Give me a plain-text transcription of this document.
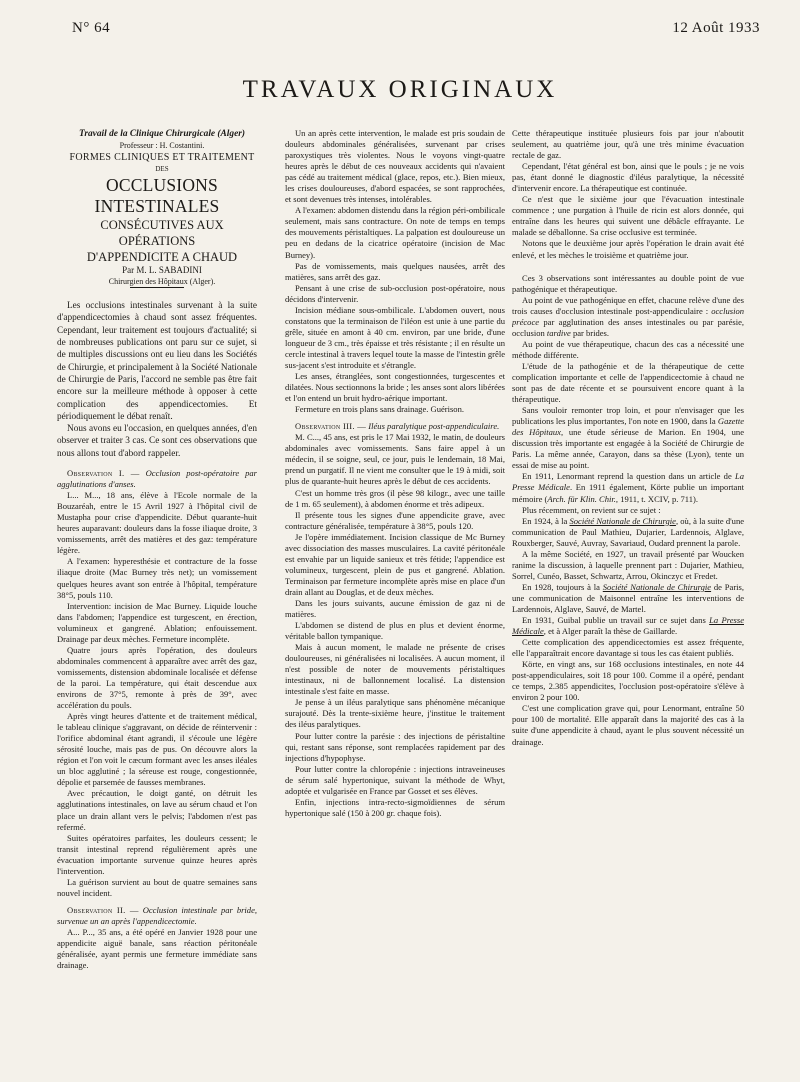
N° 64	12 Août 1933
TRAVAUX ORIGINAUX

Travail de la Clinique Chirurgicale (Alger)

Professeur : H. Costantini.

FORMES CLINIQUES ET TRAITEMENT

DES

OCCLUSIONS INTESTINALES

CONSÉCUTIVES AUX OPÉRATIONS

D'APPENDICITE A CHAUD

Par M. L. SABADINI

Chirurgien des Hôpitaux (Alger).

Les occlusions intestinales survenant à la suite d'appendicectomies à chaud sont assez fréquentes. Cependant, leur traitement est toujours d'actualité; si de nombreuses publications ont paru sur ce sujet, si de multiples discussions ont eu lieu dans les Sociétés de Chirurgie, et principalement à la Société Nationale de Chirurgie de Paris, l'accord ne semble pas être fait encore sur la meilleure méthode à opposer à cette complication des appendicectomies. Et périodiquement le débat renaît.

Nous avons eu l'occasion, en quelques années, d'en observer et traiter 3 cas. Ce sont ces observations que nous allons tout d'abord rappeler.

Observation I. — Occlusion post-opératoire par agglutinations d'anses.

L... M..., 18 ans, élève à l'Ecole normale de la Bouzaréah, entre le 15 Avril 1927 à l'hôpital civil de Mustapha pour crise d'appendicite. Début quarante-huit heures auparavant: douleurs dans la fosse iliaque droite, 3 vomissements, arrêt des matières et des gaz: température légère.

A l'examen: hyperesthésie et contracture de la fosse iliaque droite (Mac Burney très net); un vomissement quelques heures avant son entrée à l'hôpital, température 38°5, pouls 110.

Intervention: incision de Mac Burney. Liquide louche dans l'abdomen; l'appendice est turgescent, en érection, volumineux et gangrené. Ablation; enfouissement. Drainage par deux mèches. Fermeture incomplète.

Quatre jours après l'opération, des douleurs abdominales commencent à apparaître avec arrêt des gaz, vomissements, distension abdominale localisée et défense de la paroi. La température, qui était descendue aux environs de 37°5, remonte à près de 39°, avec accélération du pouls.

Après vingt heures d'attente et de traitement médical, le tableau clinique s'aggravant, on décide de réintervenir : l'orifice abdominal étant agrandi, il s'écoule une légère sérosité louche, mais pas de pus. On découvre alors la région et l'on voit le cæcum formant avec les anses iléales un bloc agglutiné ; la séreuse est rouge, congestionnée, dépolie et parsemée de fausses membranes.

Avec précaution, le doigt ganté, on détruit les agglutinations intestinales, on lave au sérum chaud et l'on place un drain allant vers le pelvis; l'abdomen n'est pas refermé.

Suites opératoires parfaites, les douleurs cessent; le transit intestinal reprend régulièrement après une évacuation importante survenue quinze heures après l'intervention.

La guérison survient au bout de quatre semaines sans nouvel incident.

Observation II. — Occlusion intestinale par bride, survenue un an après l'appendicectomie.

A... P..., 35 ans, a été opéré en Janvier 1928 pour une appendicite aiguë banale, sans réaction péritonéale généralisée, ayant permis une fermeture immédiate sans drainage.

Un an après cette intervention, le malade est pris soudain de douleurs abdominales généralisées, survenant par crises paroxystiques très violentes. Nous le voyons vingt-quatre heures après le début de ces nouveaux accidents qui n'avaient pas cédé au traitement médical (glace, repos, etc.). Bien mieux, les crises douloureuses, d'abord espacées, se sont rapprochées, et sont devenues très intenses, intolérables.

A l'examen: abdomen distendu dans la région péri-ombilicale seulement, mais sans contracture. On note de temps en temps des mouvements péristaltiques. La palpation est douloureuse un peu en dedans de la cicatrice opératoire (incision de Mac Burney).

Pas de vomissements, mais quelques nausées, arrêt des matières, sans arrêt des gaz.

Pensant à une crise de sub-occlusion post-opératoire, nous décidons d'intervenir.

Incision médiane sous-ombilicale. L'abdomen ouvert, nous constatons que la terminaison de l'iléon est unie à une partie du grêle, située en amont à 40 cm. environ, par une bride, d'une longueur de 3 cm., très épaisse et très résistante ; il en résulte un cercle intestinal à travers lequel toute la masse de l'intestin grêle sus-jacent s'est introduite et s'étrangle.

Les anses, étranglées, sont congestionnées, turgescentes et dilatées. Nous sectionnons la bride ; les anses sont alors libérées et l'on entend un bruit hydro-aérique important.

Fermeture en trois plans sans drainage. Guérison.

Observation III. — Iléus paralytique post-appendiculaire.

M. C..., 45 ans, est pris le 17 Mai 1932, le matin, de douleurs abdominales avec vomissements. Sans faire appel à un médecin, il se soigne, seul, ce jour, puis le lendemain, 18 Mai, prend un purgatif. Il ne vient me consulter que le 19 à midi, soit plus de quarante-huit heures après le début de ces accidents.

C'est un homme très gros (il pèse 98 kilogr., avec une taille de 1 m. 65 seulement), à abdomen énorme et très adipeux.

Il présente tous les signes d'une appendicite grave, avec contracture généralisée, température à 38°5, pouls 120.

Je l'opère immédiatement. Incision classique de Mc Burney avec dissociation des masses musculaires. La cavité péritonéale est envahie par un liquide sanieux et très fétide; l'appendice est volumineux, turgescent, plein de pus et gangrené. Ablation. Terminaison par fermeture incomplète après mise en place d'un drain allant au Douglas, et de deux mèches.

Dans les jours suivants, aucune émission de gaz ni de matières.

L'abdomen se distend de plus en plus et devient énorme, véritable ballon tympanique.

Mais à aucun moment, le malade ne présente de crises douloureuses, ni généralisées ni localisées. A aucun moment, il n'est possible de noter de mouvements péristaltiques intestinaux, ni de ballonnement localisé. La distension intestinale s'est faite en masse.

Je pense à un iléus paralytique sans phénomène mécanique surajouté. Dès la trente-sixième heure, j'institue le traitement des iléus paralytiques.

Pour lutter contre la parésie : des injections de péristaltine qui, restant sans réponse, sont remplacées rapidement par des injections d'hypophyse.

Pour lutter contre la chloropénie : injections intraveineuses de sérum salé hypertonique, suivant la méthode de Whyt, adoptée et vulgarisée en France par Gosset et ses élèves.

Enfin, injections intra-recto-sigmoïdiennes de sérum hypertonique salé (150 à 200 gr. chaque fois).

Cette thérapeutique instituée plusieurs fois par jour n'aboutit seulement, au quatrième jour, qu'à une très minime évacuation rectale de gaz.

Cependant, l'état général est bon, ainsi que le pouls ; je ne vois pas, étant donné le diagnostic d'iléus paralytique, la nécessité d'intervenir encore. La thérapeutique est continuée.

Ce n'est que le sixième jour que l'évacuation intestinale commence ; une purgation à l'huile de ricin est alors donnée, qui entraîne dans les heures qui suivent une débâcle effrayante. Le malade se déballonne. Sa crise occlusive est terminée.

Notons que le deuxième jour après l'opération le drain avait été enlevé, et les mèches le troisième et quatrième jour.

Ces 3 observations sont intéressantes au double point de vue pathogénique et thérapeutique.

Au point de vue pathogénique en effet, chacune relève d'une des trois causes d'occlusion intestinale post-appendiculaire : occlusion précoce par agglutination des anses intestinales ou par parésie, occlusion tardive par brides.

Au point de vue thérapeutique, chacun des cas a nécessité une méthode différente.

L'étude de la pathogénie et de la thérapeutique de cette complication importante et celle de l'appendicectomie à chaud ne sont pas de date récente et se poursuivent encore quant à la thérapeutique.

Sans vouloir remonter trop loin, et pour n'envisager que les publications les plus importantes, l'on note en 1900, dans la Gazette des Hôpitaux, une étude sérieuse de Marion. En 1904, une discussion très importante est engagée à la Société de Chirurgie de Paris. La même année, Carayon, dans sa thèse (Lyon), tente un essai de mise au point.

En 1911, Lenormant reprend la question dans un article de La Presse Médicale. En 1911 également, Körte publie un important mémoire (Arch. für Klin. Chir., 1911, t. XCIV, p. 711).

Plus récemment, on revient sur ce sujet :

En 1924, à la Société Nationale de Chirurgie, où, à la suite d'une communication de Paul Mathieu, Dujarier, Lardennois, Alglave, Rouxberger, Sauvé, Auvray, Savariaud, Oudard prennent la parole.

A la même Société, en 1927, un travail présenté par Woucken ranime la discussion, à laquelle prennent part : Dujarier, Mathieu, Sorrel, Cunéo, Basset, Schwartz, Arrou, Okinczyc et Fredet.

En 1928, toujours à la Société Nationale de Chirurgie de Paris, une communication de Maisonnel entraîne les interventions de Lardennois, Alglave, Sauvé, de Martel.

En 1931, Guibal publie un travail sur ce sujet dans La Presse Médicale, et à Alger paraît la thèse de Gaillarde.

Cette complication des appendicectomies est assez fréquente, elle l'apparaîtrait encore davantage si tous les cas étaient publiés.

Körte, en vingt ans, sur 168 occlusions intestinales, en note 44 post-appendiculaires, soit 18 pour 100. Comme il a opéré, pendant ce temps, 2.385 appendicites, l'occlusion post-opératoire s'élève à environ 2 pour 100.

C'est une complication grave qui, pour Lenormant, entraîne 50 pour 100 de mortalité. Elle apparaît dans la majorité des cas à la suite d'une appendicite à chaud, ayant le plus souvent nécessité un drainage.
